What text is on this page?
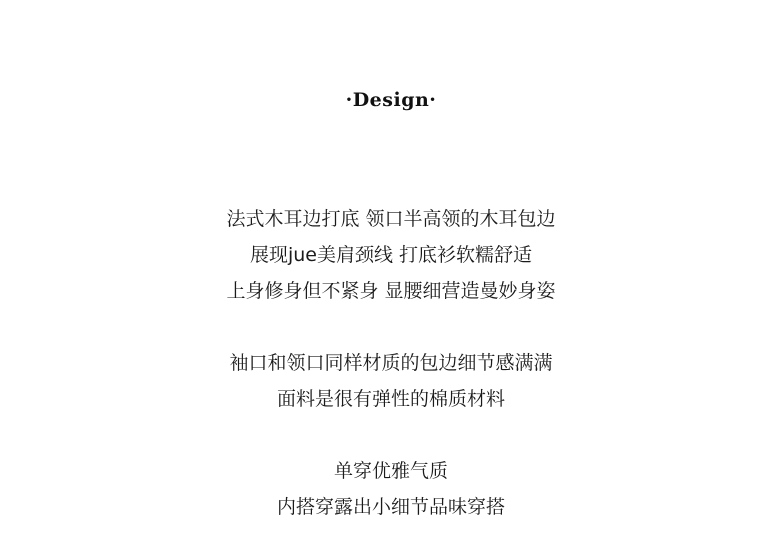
·Design·
法式木耳边打底 领口半高领的木耳包边
展现jue美肩颈线 打底衫软糯舒适
上身修身但不紧身 显腰细营造曼妙身姿
袖口和领口同样材质的包边细节感满满
面料是很有弹性的棉质材料
单穿优雅气质
内搭穿露出小细节品味穿搭
